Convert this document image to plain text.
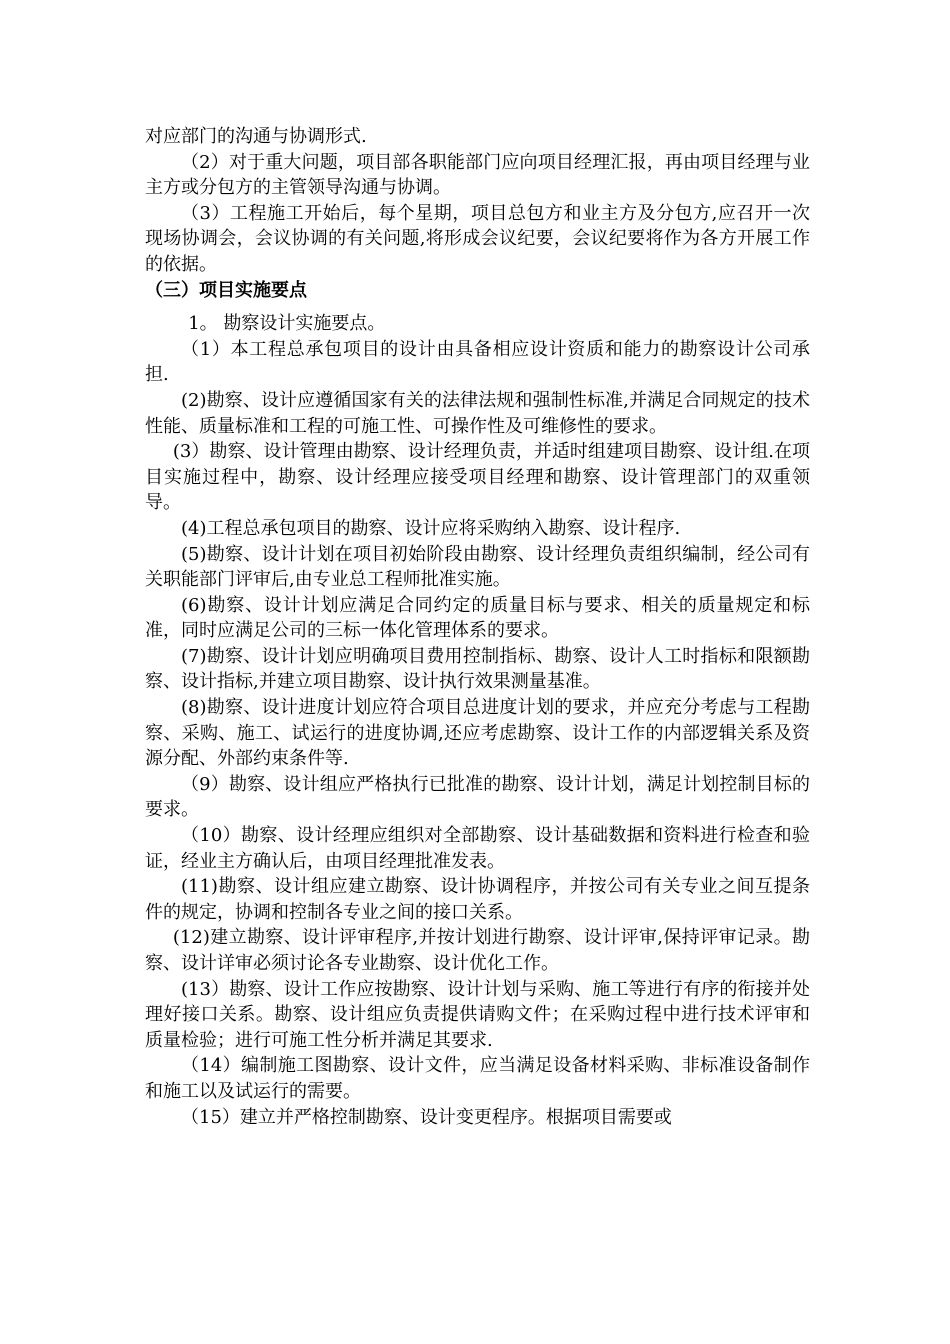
对应部门的沟通与协调形式.

（2）对于重大问题，项目部各职能部门应向项目经理汇报，再由项目经理与业主方或分包方的主管领导沟通与协调。

（3）工程施工开始后，每个星期，项目总包方和业主方及分包方,应召开一次现场协调会，会议协调的有关问题,将形成会议纪要，会议纪要将作为各方开展工作的依据。

（三）项目实施要点

1。 勘察设计实施要点。

（1）本工程总承包项目的设计由具备相应设计资质和能力的勘察设计公司承担.

(2)勘察、设计应遵循国家有关的法律法规和强制性标准,并满足合同规定的技术性能、质量标准和工程的可施工性、可操作性及可维修性的要求。

(3）勘察、设计管理由勘察、设计经理负责，并适时组建项目勘察、设计组.在项目实施过程中，勘察、设计经理应接受项目经理和勘察、设计管理部门的双重领导。

(4)工程总承包项目的勘察、设计应将采购纳入勘察、设计程序.

(5)勘察、设计计划在项目初始阶段由勘察、设计经理负责组织编制，经公司有关职能部门评审后,由专业总工程师批准实施。

(6)勘察、设计计划应满足合同约定的质量目标与要求、相关的质量规定和标准，同时应满足公司的三标一体化管理体系的要求。

(7)勘察、设计计划应明确项目费用控制指标、勘察、设计人工时指标和限额勘察、设计指标,并建立项目勘察、设计执行效果测量基准。

(8)勘察、设计进度计划应符合项目总进度计划的要求，并应充分考虑与工程勘察、采购、施工、试运行的进度协调,还应考虑勘察、设计工作的内部逻辑关系及资源分配、外部约束条件等.

（9）勘察、设计组应严格执行已批准的勘察、设计计划，满足计划控制目标的要求。

（10）勘察、设计经理应组织对全部勘察、设计基础数据和资料进行检查和验证，经业主方确认后，由项目经理批准发表。

(11)勘察、设计组应建立勘察、设计协调程序，并按公司有关专业之间互提条件的规定，协调和控制各专业之间的接口关系。

(12)建立勘察、设计评审程序,并按计划进行勘察、设计评审,保持评审记录。勘察、设计详审必须讨论各专业勘察、设计优化工作。

(13）勘察、设计工作应按勘察、设计计划与采购、施工等进行有序的衔接并处理好接口关系。勘察、设计组应负责提供请购文件；在采购过程中进行技术评审和质量检验；进行可施工性分析并满足其要求.

（14）编制施工图勘察、设计文件，应当满足设备材料采购、非标准设备制作和施工以及试运行的需要。

（15）建立并严格控制勘察、设计变更程序。根据项目需要或
